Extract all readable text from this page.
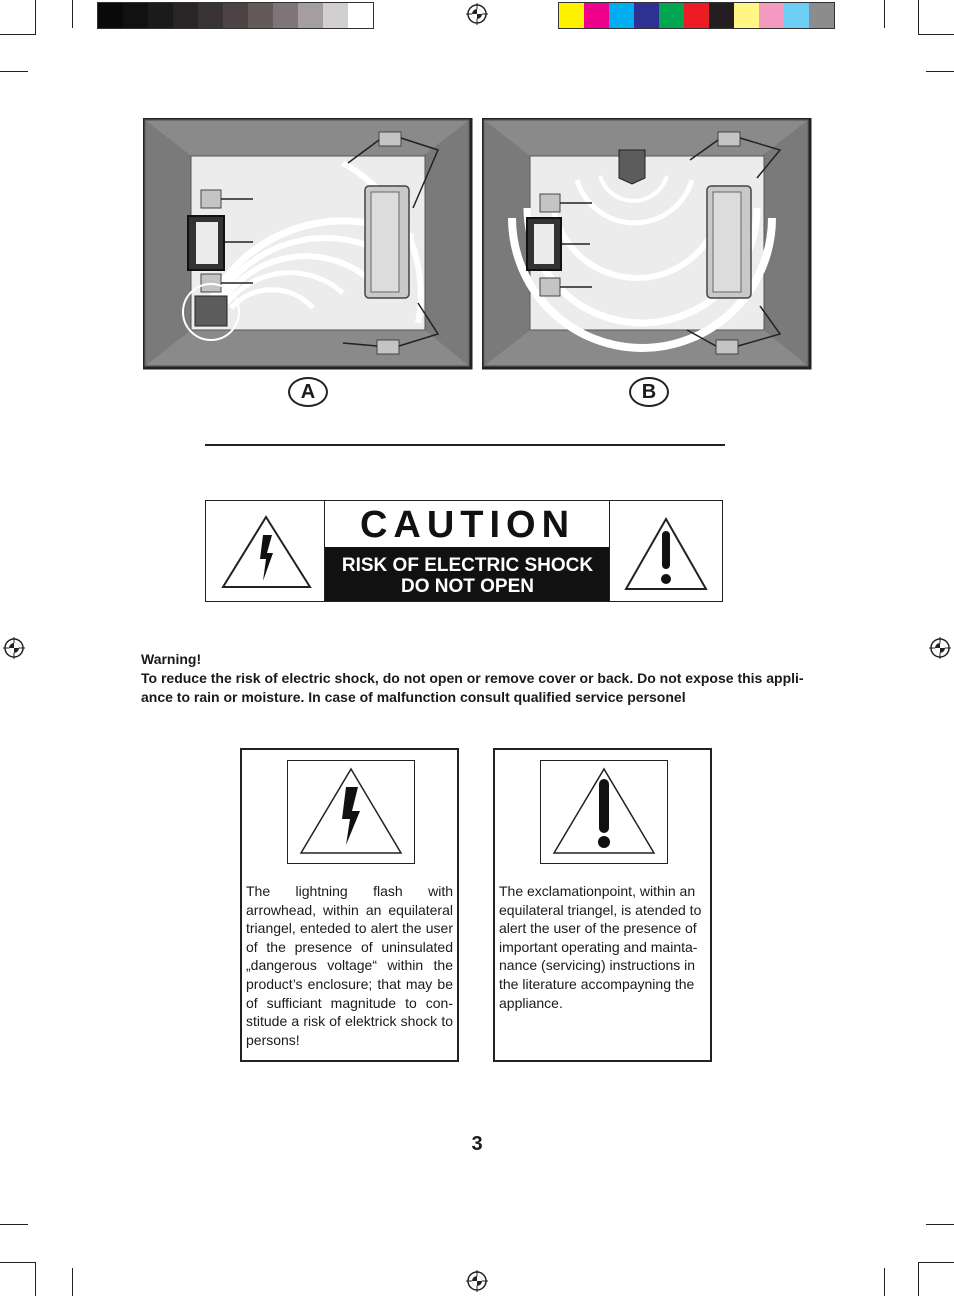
A	B
CAUTION
RISK OF ELECTRIC SHOCK
DO NOT OPEN
Warning!
To reduce the risk of electric shock, do not open or remove cover or back. Do not expose this appli-ance to rain or moisture. In case of malfunction consult qualified service personel
The lightning flash with arrowhead, within an equilateral triangel, enteded to alert the user of the presence of uninsulated „dangerous voltage“ within the product’s enclosure; that may be of sufficiant magnitude to con-stitude a risk of elektrick shock to persons!
The exclamationpoint, within an equilateral triangel, is atended to alert the user of the presence of important operating and mainta-nance (servicing) instructions in the literature accompayning the appliance.
3
